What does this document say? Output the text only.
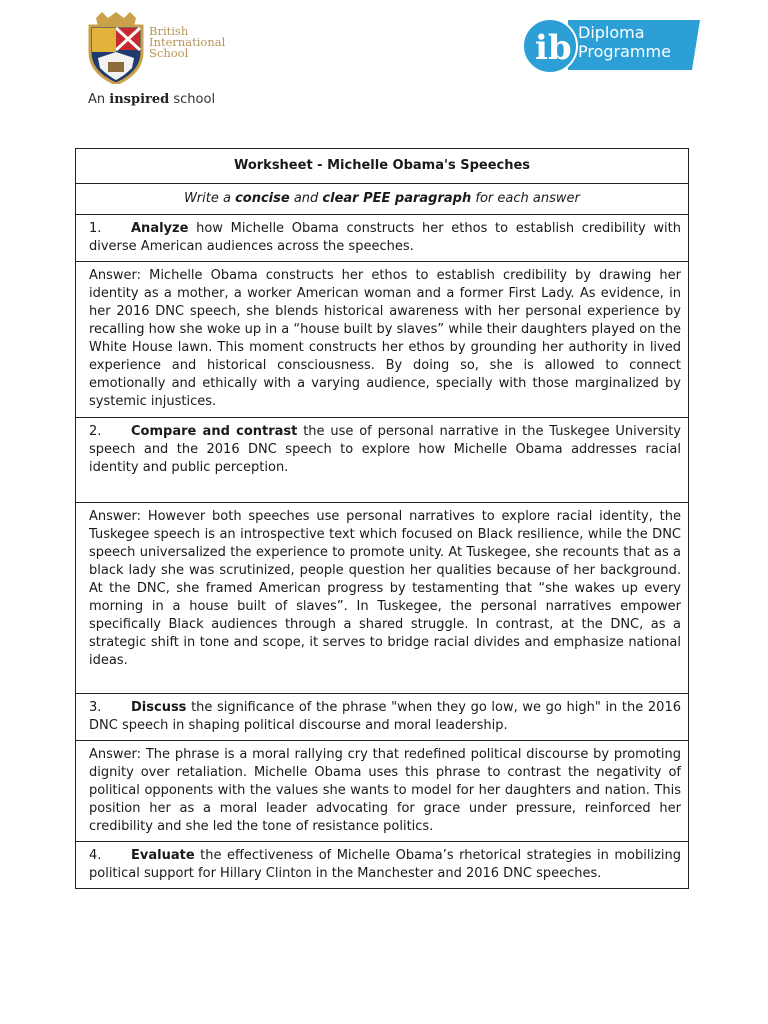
British
International
School
An inspired school
ib Diploma
Programme
Worksheet - Michelle Obama's Speeches
Write a concise and clear PEE paragraph for each answer
1. Analyze how Michelle Obama constructs her ethos to establish credibility with diverse American audiences across the speeches.
Answer: Michelle Obama constructs her ethos to establish credibility by drawing her identity as a mother, a worker American woman and a former First Lady. As evidence, in her 2016 DNC speech, she blends historical awareness with her personal experience by recalling how she woke up in a “house built by slaves” while their daughters played on the White House lawn. This moment constructs her ethos by grounding her authority in lived experience and historical consciousness. By doing so, she is allowed to connect emotionally and ethically with a varying audience, specially with those marginalized by systemic injustices.
2. Compare and contrast the use of personal narrative in the Tuskegee University speech and the 2016 DNC speech to explore how Michelle Obama addresses racial identity and public perception.
Answer: However both speeches use personal narratives to explore racial identity, the Tuskegee speech is an introspective text which focused on Black resilience, while the DNC speech universalized the experience to promote unity. At Tuskegee, she recounts that as a black lady she was scrutinized, people question her qualities because of her background. At the DNC, she framed American progress by testamenting that “she wakes up every morning in a house built of slaves”. In Tuskegee, the personal narratives empower specifically Black audiences through a shared struggle. In contrast, at the DNC, as a strategic shift in tone and scope, it serves to bridge racial divides and emphasize national ideas.
3. Discuss the significance of the phrase "when they go low, we go high" in the 2016 DNC speech in shaping political discourse and moral leadership.
Answer: The phrase is a moral rallying cry that redefined political discourse by promoting dignity over retaliation. Michelle Obama uses this phrase to contrast the negativity of political opponents with the values she wants to model for her daughters and nation. This position her as a moral leader advocating for grace under pressure, reinforced her credibility and she led the tone of resistance politics.
4. Evaluate the effectiveness of Michelle Obama’s rhetorical strategies in mobilizing political support for Hillary Clinton in the Manchester and 2016 DNC speeches.
